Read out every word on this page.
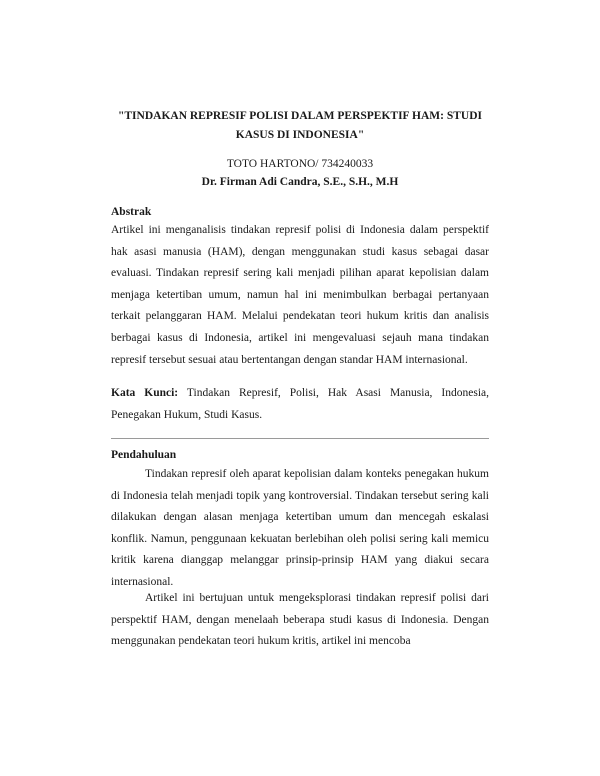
"TINDAKAN REPRESIF POLISI DALAM PERSPEKTIF HAM: STUDI KASUS DI INDONESIA"
TOTO HARTONO/ 734240033
Dr. Firman Adi Candra, S.E., S.H., M.H
Abstrak

Artikel ini menganalisis tindakan represif polisi di Indonesia dalam perspektif hak asasi manusia (HAM), dengan menggunakan studi kasus sebagai dasar evaluasi. Tindakan represif sering kali menjadi pilihan aparat kepolisian dalam menjaga ketertiban umum, namun hal ini menimbulkan berbagai pertanyaan terkait pelanggaran HAM. Melalui pendekatan teori hukum kritis dan analisis berbagai kasus di Indonesia, artikel ini mengevaluasi sejauh mana tindakan represif tersebut sesuai atau bertentangan dengan standar HAM internasional.

Kata Kunci: Tindakan Represif, Polisi, Hak Asasi Manusia, Indonesia, Penegakan Hukum, Studi Kasus.

Pendahuluan

Tindakan represif oleh aparat kepolisian dalam konteks penegakan hukum di Indonesia telah menjadi topik yang kontroversial. Tindakan tersebut sering kali dilakukan dengan alasan menjaga ketertiban umum dan mencegah eskalasi konflik. Namun, penggunaan kekuatan berlebihan oleh polisi sering kali memicu kritik karena dianggap melanggar prinsip-prinsip HAM yang diakui secara internasional.

Artikel ini bertujuan untuk mengeksplorasi tindakan represif polisi dari perspektif HAM, dengan menelaah beberapa studi kasus di Indonesia. Dengan menggunakan pendekatan teori hukum kritis, artikel ini mencoba
